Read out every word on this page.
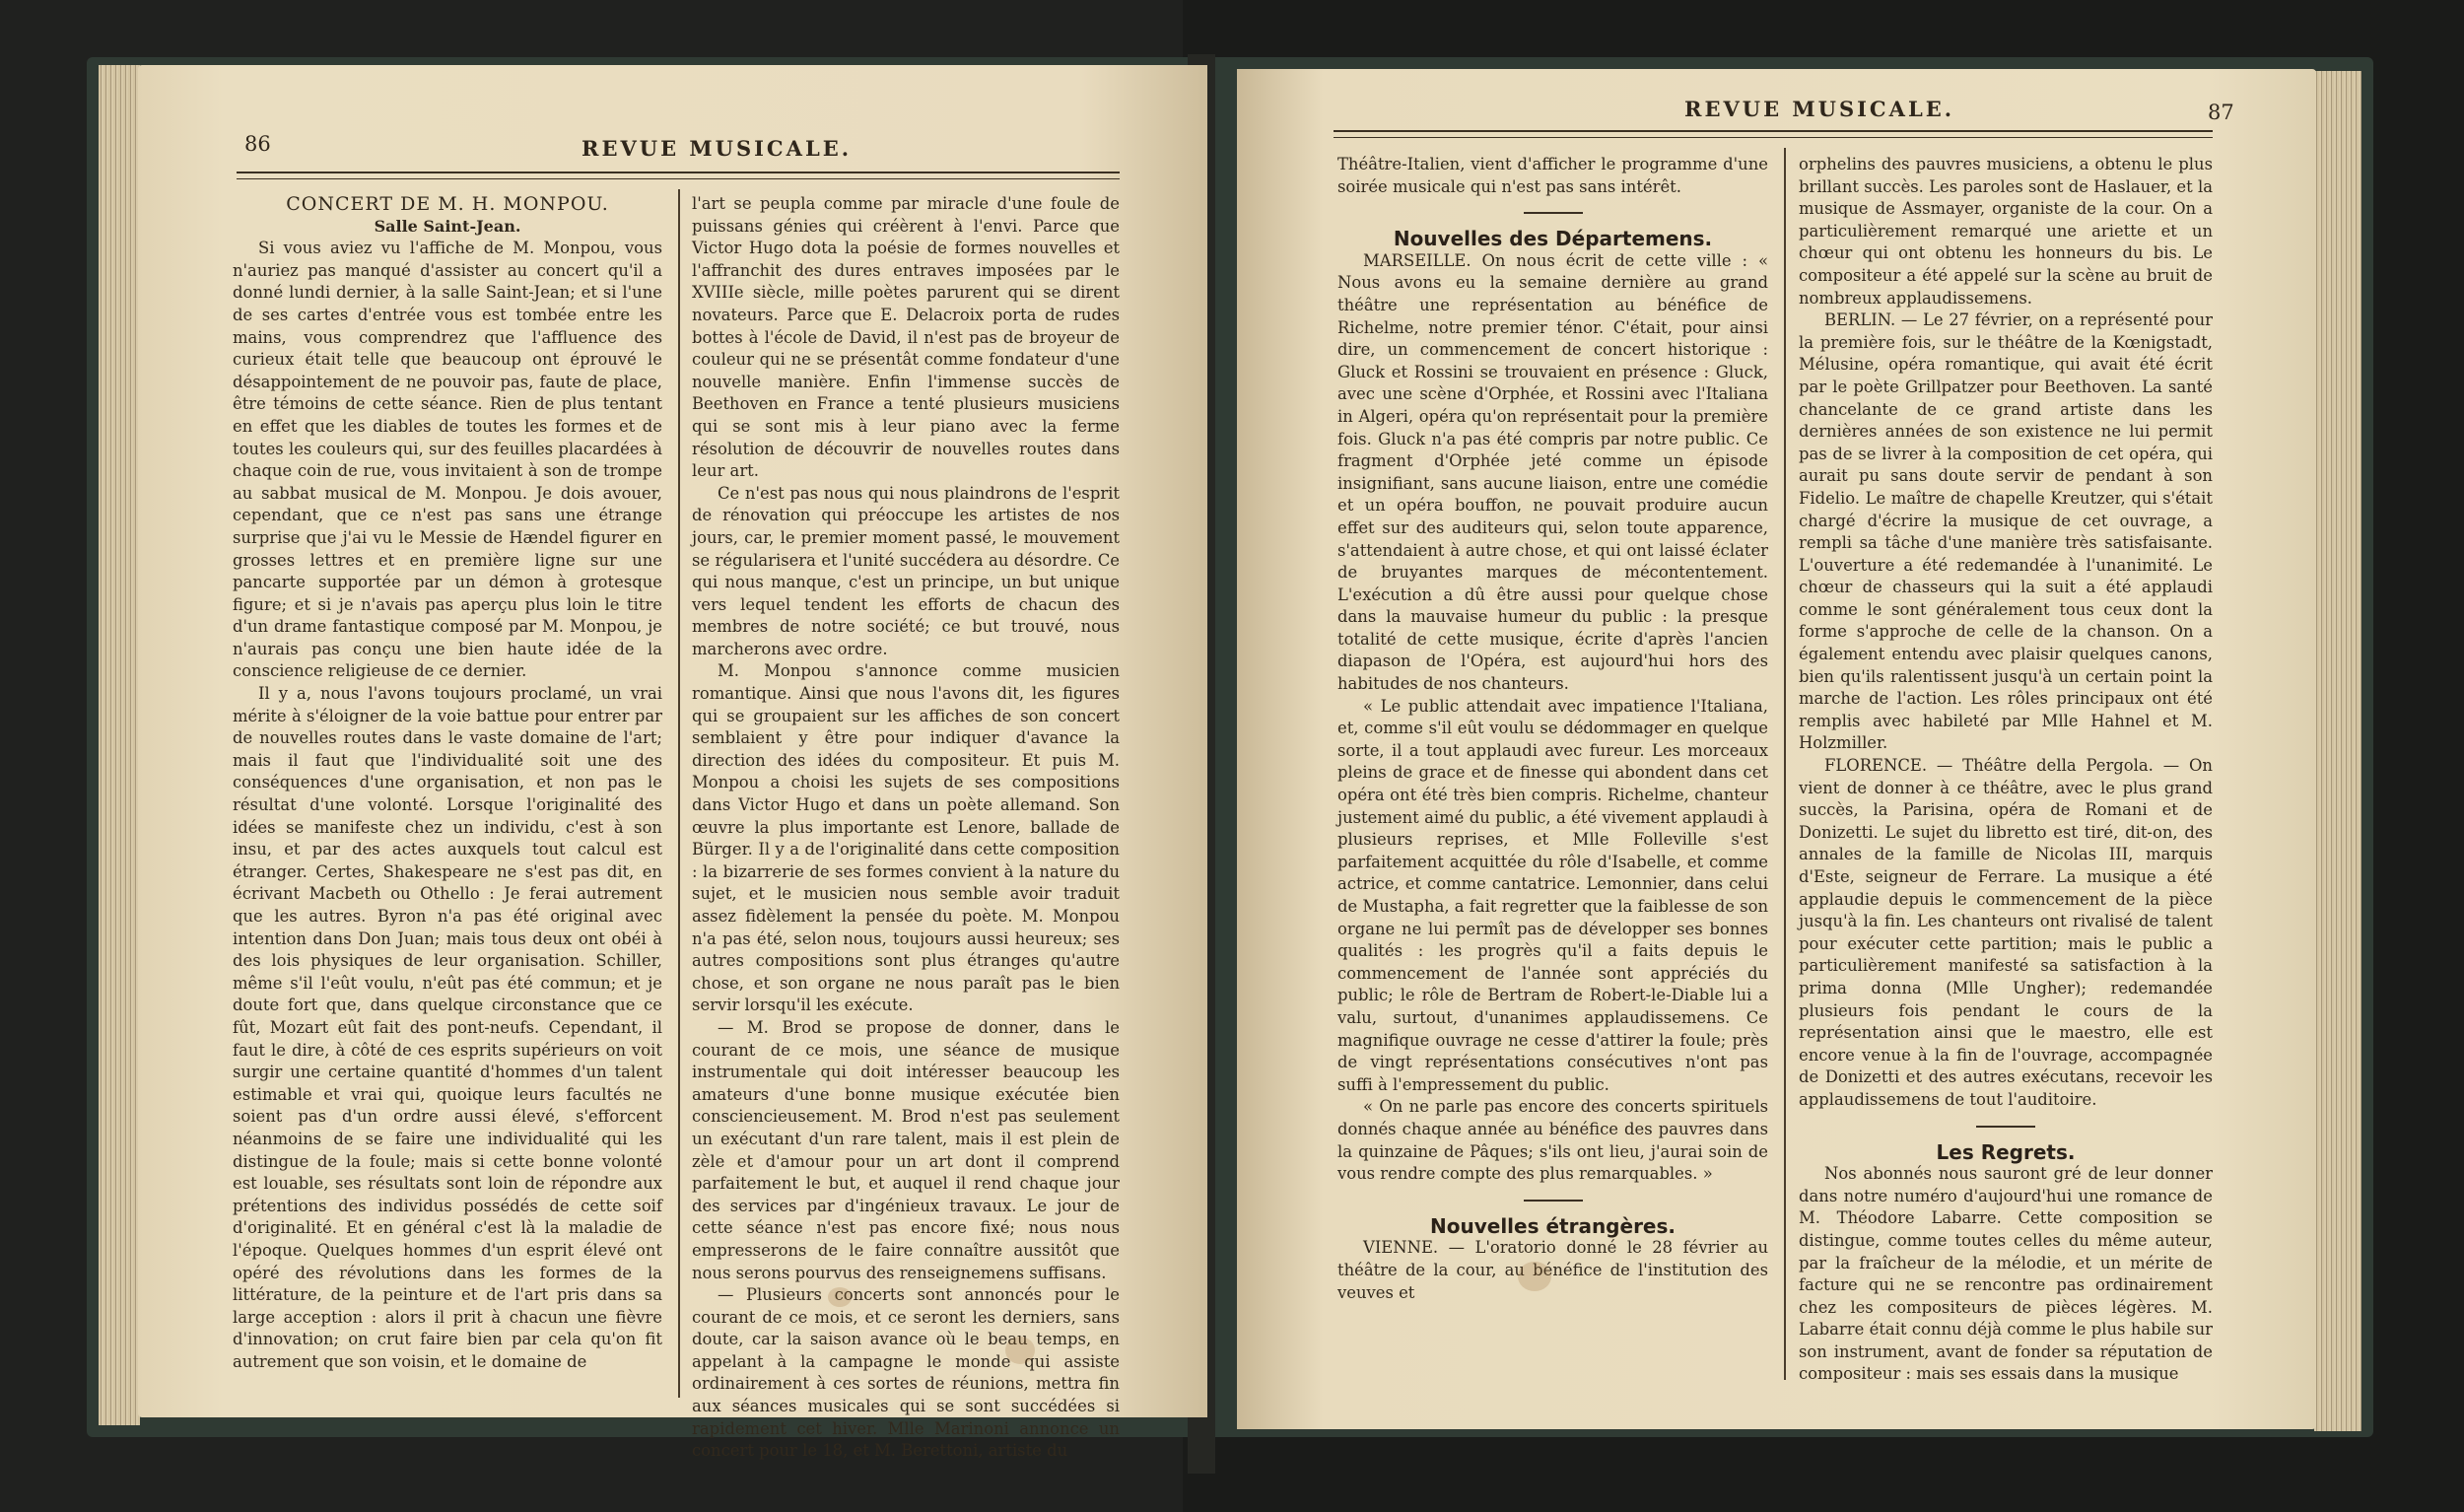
86	REVUE MUSICALE.

CONCERT DE M. H. MONPOU.

Salle Saint-Jean.

Si vous aviez vu l'affiche de M. Monpou, vous n'auriez pas manqué d'assister au concert qu'il a donné lundi dernier, à la salle Saint-Jean; et si l'une de ses cartes d'entrée vous est tombée entre les mains, vous comprendrez que l'affluence des curieux était telle que beaucoup ont éprouvé le désappointement de ne pouvoir pas, faute de place, être témoins de cette séance. Rien de plus tentant en effet que les diables de toutes les formes et de toutes les couleurs qui, sur des feuilles placardées à chaque coin de rue, vous invitaient à son de trompe au sabbat musical de M. Monpou. Je dois avouer, cependant, que ce n'est pas sans une étrange surprise que j'ai vu le Messie de Hændel figurer en grosses lettres et en première ligne sur une pancarte supportée par un démon à grotesque figure; et si je n'avais pas aperçu plus loin le titre d'un drame fantastique composé par M. Monpou, je n'aurais pas conçu une bien haute idée de la conscience religieuse de ce dernier.

Il y a, nous l'avons toujours proclamé, un vrai mérite à s'éloigner de la voie battue pour entrer par de nouvelles routes dans le vaste domaine de l'art; mais il faut que l'individualité soit une des conséquences d'une organisation, et non pas le résultat d'une volonté. Lorsque l'originalité des idées se manifeste chez un individu, c'est à son insu, et par des actes auxquels tout calcul est étranger. Certes, Shakespeare ne s'est pas dit, en écrivant Macbeth ou Othello : Je ferai autrement que les autres. Byron n'a pas été original avec intention dans Don Juan; mais tous deux ont obéi à des lois physiques de leur organisation. Schiller, même s'il l'eût voulu, n'eût pas été commun; et je doute fort que, dans quelque circonstance que ce fût, Mozart eût fait des pont-neufs. Cependant, il faut le dire, à côté de ces esprits supérieurs on voit surgir une certaine quantité d'hommes d'un talent estimable et vrai qui, quoique leurs facultés ne soient pas d'un ordre aussi élevé, s'efforcent néanmoins de se faire une individualité qui les distingue de la foule; mais si cette bonne volonté est louable, ses résultats sont loin de répondre aux prétentions des individus possédés de cette soif d'originalité. Et en général c'est là la maladie de l'époque. Quelques hommes d'un esprit élevé ont opéré des révolutions dans les formes de la littérature, de la peinture et de l'art pris dans sa large acception : alors il prit à chacun une fièvre d'innovation; on crut faire bien par cela qu'on fit autrement que son voisin, et le domaine de

l'art se peupla comme par miracle d'une foule de puissans génies qui créèrent à l'envi. Parce que Victor Hugo dota la poésie de formes nouvelles et l'affranchit des dures entraves imposées par le XVIIIe siècle, mille poètes parurent qui se dirent novateurs. Parce que E. Delacroix porta de rudes bottes à l'école de David, il n'est pas de broyeur de couleur qui ne se présentât comme fondateur d'une nouvelle manière. Enfin l'immense succès de Beethoven en France a tenté plusieurs musiciens qui se sont mis à leur piano avec la ferme résolution de découvrir de nouvelles routes dans leur art.

Ce n'est pas nous qui nous plaindrons de l'esprit de rénovation qui préoccupe les artistes de nos jours, car, le premier moment passé, le mouvement se régularisera et l'unité succédera au désordre. Ce qui nous manque, c'est un principe, un but unique vers lequel tendent les efforts de chacun des membres de notre société; ce but trouvé, nous marcherons avec ordre.

M. Monpou s'annonce comme musicien romantique. Ainsi que nous l'avons dit, les figures qui se groupaient sur les affiches de son concert semblaient y être pour indiquer d'avance la direction des idées du compositeur. Et puis M. Monpou a choisi les sujets de ses compositions dans Victor Hugo et dans un poète allemand. Son œuvre la plus importante est Lenore, ballade de Bürger. Il y a de l'originalité dans cette composition : la bizarrerie de ses formes convient à la nature du sujet, et le musicien nous semble avoir traduit assez fidèlement la pensée du poète. M. Monpou n'a pas été, selon nous, toujours aussi heureux; ses autres compositions sont plus étranges qu'autre chose, et son organe ne nous paraît pas le bien servir lorsqu'il les exécute.

— M. Brod se propose de donner, dans le courant de ce mois, une séance de musique instrumentale qui doit intéresser beaucoup les amateurs d'une bonne musique exécutée bien consciencieusement. M. Brod n'est pas seulement un exécutant d'un rare talent, mais il est plein de zèle et d'amour pour un art dont il comprend parfaitement le but, et auquel il rend chaque jour des services par d'ingénieux travaux. Le jour de cette séance n'est pas encore fixé; nous nous empresserons de le faire connaître aussitôt que nous serons pourvus des renseignemens suffisans.

— Plusieurs concerts sont annoncés pour le courant de ce mois, et ce seront les derniers, sans doute, car la saison avance où le beau temps, en appelant à la campagne le monde qui assiste ordinairement à ces sortes de réunions, mettra fin aux séances musicales qui se sont succédées si rapidement cet hiver. Mlle Marinoni annonce un concert pour le 18, et M. Berettoni, artiste du

REVUE MUSICALE.	87

Théâtre-Italien, vient d'afficher le programme d'une soirée musicale qui n'est pas sans intérêt.

Nouvelles des Départemens.

MARSEILLE. On nous écrit de cette ville : « Nous avons eu la semaine dernière au grand théâtre une représentation au bénéfice de Richelme, notre premier ténor. C'était, pour ainsi dire, un commencement de concert historique : Gluck et Rossini se trouvaient en présence : Gluck, avec une scène d'Orphée, et Rossini avec l'Italiana in Algeri, opéra qu'on représentait pour la première fois. Gluck n'a pas été compris par notre public. Ce fragment d'Orphée jeté comme un épisode insignifiant, sans aucune liaison, entre une comédie et un opéra bouffon, ne pouvait produire aucun effet sur des auditeurs qui, selon toute apparence, s'attendaient à autre chose, et qui ont laissé éclater de bruyantes marques de mécontentement. L'exécution a dû être aussi pour quelque chose dans la mauvaise humeur du public : la presque totalité de cette musique, écrite d'après l'ancien diapason de l'Opéra, est aujourd'hui hors des habitudes de nos chanteurs.

« Le public attendait avec impatience l'Italiana, et, comme s'il eût voulu se dédommager en quelque sorte, il a tout applaudi avec fureur. Les morceaux pleins de grace et de finesse qui abondent dans cet opéra ont été très bien compris. Richelme, chanteur justement aimé du public, a été vivement applaudi à plusieurs reprises, et Mlle Folleville s'est parfaitement acquittée du rôle d'Isabelle, et comme actrice, et comme cantatrice. Lemonnier, dans celui de Mustapha, a fait regretter que la faiblesse de son organe ne lui permît pas de développer ses bonnes qualités : les progrès qu'il a faits depuis le commencement de l'année sont appréciés du public; le rôle de Bertram de Robert-le-Diable lui a valu, surtout, d'unanimes applaudissemens. Ce magnifique ouvrage ne cesse d'attirer la foule; près de vingt représentations consécutives n'ont pas suffi à l'empressement du public.

« On ne parle pas encore des concerts spirituels donnés chaque année au bénéfice des pauvres dans la quinzaine de Pâques; s'ils ont lieu, j'aurai soin de vous rendre compte des plus remarquables. »

Nouvelles étrangères.

VIENNE. — L'oratorio donné le 28 février au théâtre de la cour, au bénéfice de l'institution des veuves et

orphelins des pauvres musiciens, a obtenu le plus brillant succès. Les paroles sont de Haslauer, et la musique de Assmayer, organiste de la cour. On a particulièrement remarqué une ariette et un chœur qui ont obtenu les honneurs du bis. Le compositeur a été appelé sur la scène au bruit de nombreux applaudissemens.

BERLIN. — Le 27 février, on a représenté pour la première fois, sur le théâtre de la Kœnigstadt, Mélusine, opéra romantique, qui avait été écrit par le poète Grillpatzer pour Beethoven. La santé chancelante de ce grand artiste dans les dernières années de son existence ne lui permit pas de se livrer à la composition de cet opéra, qui aurait pu sans doute servir de pendant à son Fidelio. Le maître de chapelle Kreutzer, qui s'était chargé d'écrire la musique de cet ouvrage, a rempli sa tâche d'une manière très satisfaisante. L'ouverture a été redemandée à l'unanimité. Le chœur de chasseurs qui la suit a été applaudi comme le sont généralement tous ceux dont la forme s'approche de celle de la chanson. On a également entendu avec plaisir quelques canons, bien qu'ils ralentissent jusqu'à un certain point la marche de l'action. Les rôles principaux ont été remplis avec habileté par Mlle Hahnel et M. Holzmiller.

FLORENCE. — Théâtre della Pergola. — On vient de donner à ce théâtre, avec le plus grand succès, la Parisina, opéra de Romani et de Donizetti. Le sujet du libretto est tiré, dit-on, des annales de la famille de Nicolas III, marquis d'Este, seigneur de Ferrare. La musique a été applaudie depuis le commencement de la pièce jusqu'à la fin. Les chanteurs ont rivalisé de talent pour exécuter cette partition; mais le public a particulièrement manifesté sa satisfaction à la prima donna (Mlle Ungher); redemandée plusieurs fois pendant le cours de la représentation ainsi que le maestro, elle est encore venue à la fin de l'ouvrage, accompagnée de Donizetti et des autres exécutans, recevoir les applaudissemens de tout l'auditoire.

Les Regrets.

Nos abonnés nous sauront gré de leur donner dans notre numéro d'aujourd'hui une romance de M. Théodore Labarre. Cette composition se distingue, comme toutes celles du même auteur, par la fraîcheur de la mélodie, et un mérite de facture qui ne se rencontre pas ordinairement chez les compositeurs de pièces légères. M. Labarre était connu déjà comme le plus habile sur son instrument, avant de fonder sa réputation de compositeur : mais ses essais dans la musique
